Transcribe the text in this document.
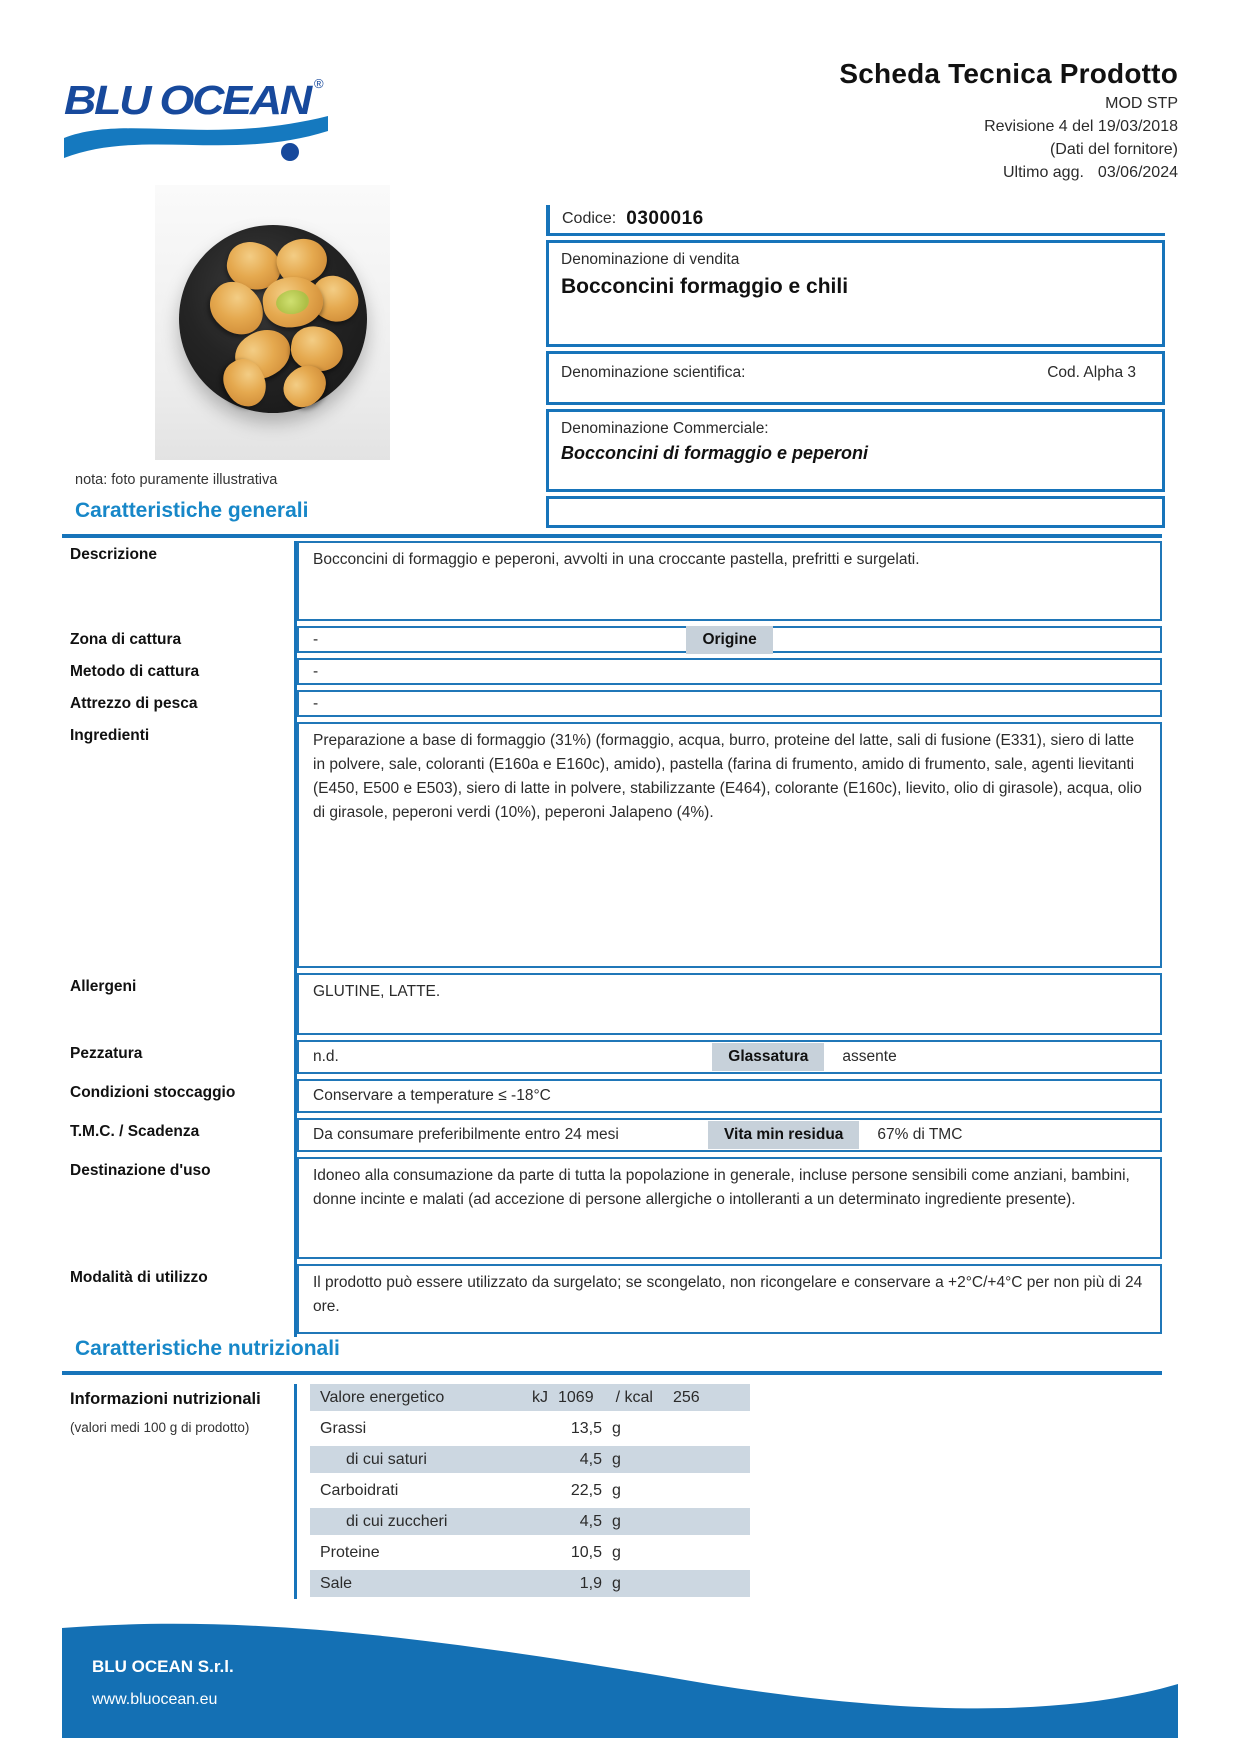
BLU OCEAN ®	Scheda Tecnica Prodotto
MOD STP
Revisione 4 del 19/03/2018
(Dati del fornitore)
Ultimo agg. 03/06/2024
nota: foto puramente illustrativa
Codice: 0300016
Denominazione di vendita
Bocconcini formaggio e chili
Denominazione scientifica:	Cod. Alpha 3
Denominazione Commerciale:
Bocconcini di formaggio e peperoni
Caratteristiche generali
Descrizione	Bocconcini di formaggio e peperoni, avvolti in una croccante pastella, prefritti e surgelati.
Zona di cattura	-	Origine
Metodo di cattura	-
Attrezzo di pesca	-
Ingredienti	Preparazione a base di formaggio (31%) (formaggio, acqua, burro, proteine del latte, sali di fusione (E331), siero di latte in polvere, sale, coloranti (E160a e E160c), amido), pastella (farina di frumento, amido di frumento, sale, agenti lievitanti (E450, E500 e E503), siero di latte in polvere, stabilizzante (E464), colorante (E160c), lievito, olio di girasole), acqua, olio di girasole, peperoni verdi (10%), peperoni Jalapeno (4%).
Allergeni	GLUTINE, LATTE.
Pezzatura	n.d.	Glassatura	assente
Condizioni stoccaggio	Conservare a temperature ≤ -18°C
T.M.C. / Scadenza	Da consumare preferibilmente entro 24 mesi	Vita min residua	67% di TMC
Destinazione d'uso	Idoneo alla consumazione da parte di tutta la popolazione in generale, incluse persone sensibili come anziani, bambini, donne incinte e malati (ad accezione di persone allergiche o intolleranti a un determinato ingrediente presente).
Modalità di utilizzo	Il prodotto può essere utilizzato da surgelato; se scongelato, non ricongelare e conservare a +2°C/+4°C per non più di 24 ore.
Caratteristiche nutrizionali
Informazioni nutrizionali
(valori medi 100 g di prodotto)
Valore energetico	kJ 1069 / kcal 256
Grassi	13,5 g
di cui saturi	4,5 g
Carboidrati	22,5 g
di cui zuccheri	4,5 g
Proteine	10,5 g
Sale	1,9 g
BLU OCEAN S.r.l.
www.bluocean.eu
